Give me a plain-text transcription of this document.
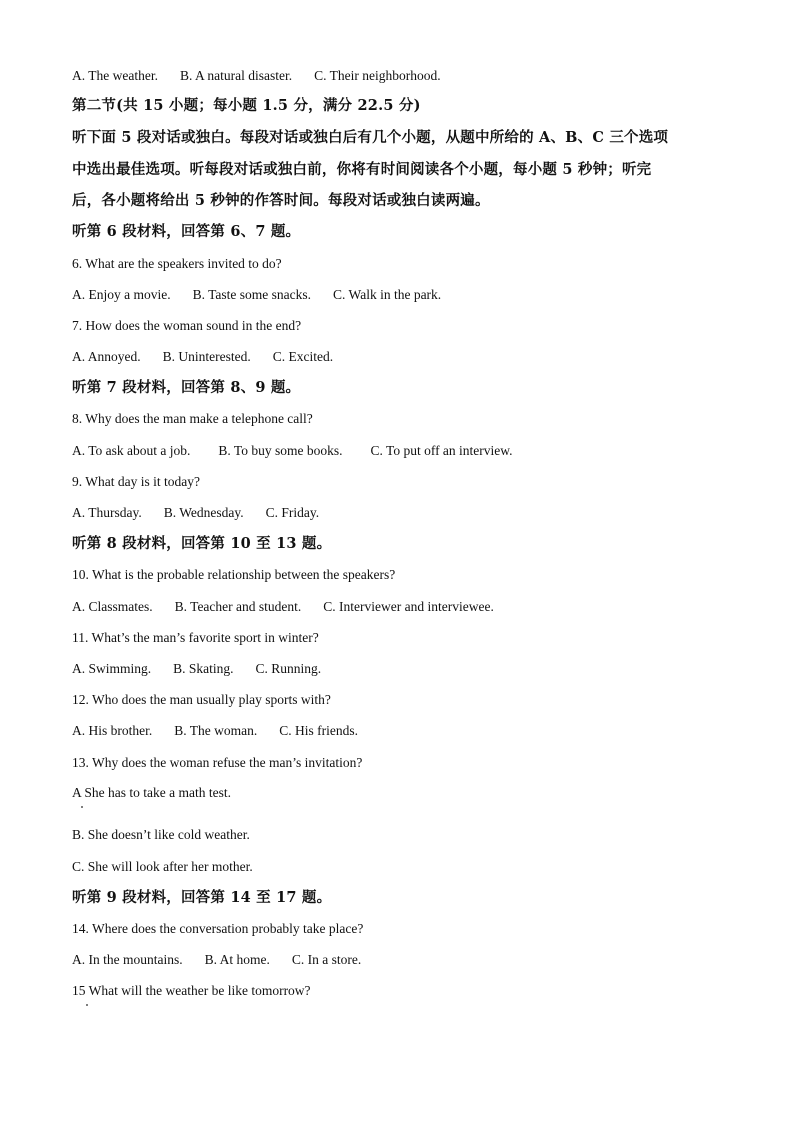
A. The weather. B. A natural disaster. C. Their neighborhood.
第二节(共 15 小题；每小题 1.5 分，满分 22.5 分)
听下面 5 段对话或独白。每段对话或独白后有几个小题，从题中所给的 A、B、C 三个选项
中选出最佳选项。听每段对话或独白前，你将有时间阅读各个小题，每小题 5 秒钟；听完
后，各小题将给出 5 秒钟的作答时间。每段对话或独白读两遍。
听第 6 段材料，回答第 6、7 题。
6. What are the speakers invited to do?
A. Enjoy a movie. B. Taste some snacks. C. Walk in the park.
7. How does the woman sound in the end?
A. Annoyed. B. Uninterested. C. Excited.
听第 7 段材料，回答第 8、9 题。
8. Why does the man make a telephone call?
A. To ask about a job. B. To buy some books. C. To put off an interview.
9. What day is it today?
A. Thursday. B. Wednesday. C. Friday.
听第 8 段材料，回答第 10 至 13 题。
10. What is the probable relationship between the speakers?
A. Classmates. B. Teacher and student. C. Interviewer and interviewee.
11. What’s the man’s favorite sport in winter?
A. Swimming. B. Skating. C. Running.
12. Who does the man usually play sports with?
A. His brother. B. The woman. C. His friends.
13. Why does the woman refuse the man’s invitation?
A She has to take a math test.
B. She doesn’t like cold weather.
C. She will look after her mother.
听第 9 段材料，回答第 14 至 17 题。
14. Where does the conversation probably take place?
A. In the mountains. B. At home. C. In a store.
15 What will the weather be like tomorrow?
